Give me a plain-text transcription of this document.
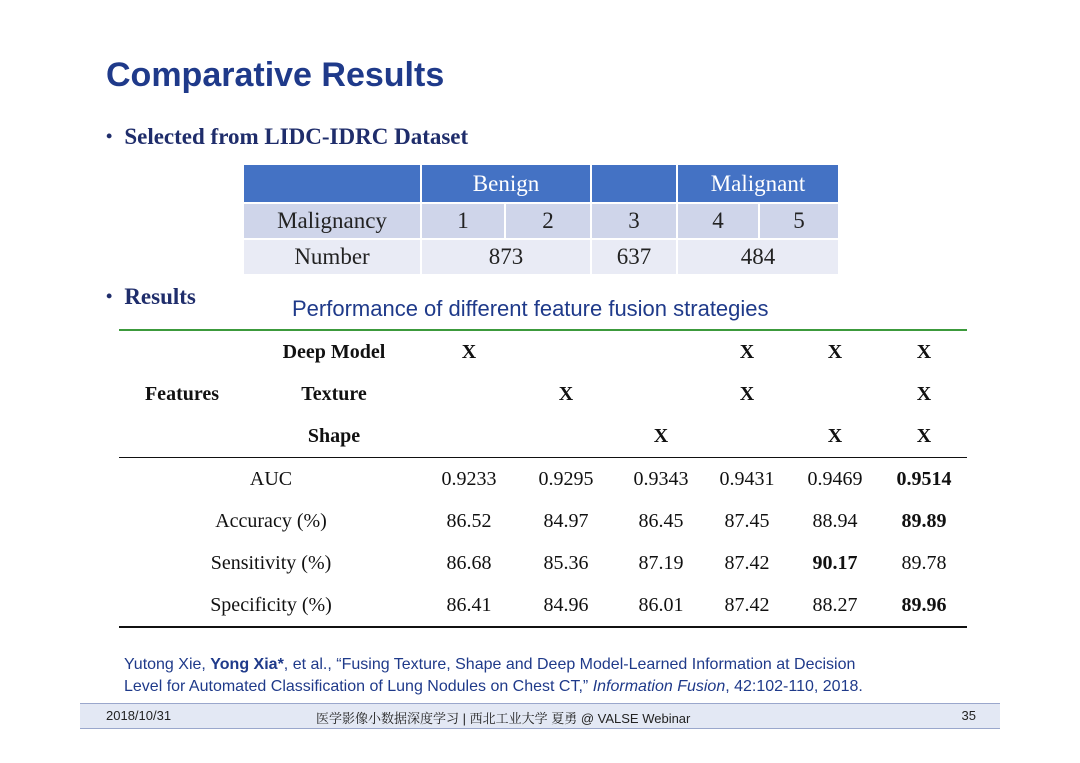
Comparative Results
• Selected from LIDC-IDRC Dataset
	Benign			Malignant	
Malignancy	1	2	3	4	5
Number	873		637	484	
• Results	Performance of different feature fusion strategies
Features	Deep Model	X			X	X	X
	Texture		X		X		X
	Shape			X		X	X
AUC		0.9233	0.9295	0.9343	0.9431	0.9469	0.9514
Accuracy (%)		86.52	84.97	86.45	87.45	88.94	89.89
Sensitivity (%)		86.68	85.36	87.19	87.42	90.17	89.78
Specificity (%)		86.41	84.96	86.01	87.42	88.27	89.96
Yutong Xie, Yong Xia*, et al., “Fusing Texture, Shape and Deep Model-Learned Information at Decision
Level for Automated Classification of Lung Nodules on Chest CT,” Information Fusion, 42:102-110, 2018.
2018/10/31	医学影像小数据深度学习 | 西北工业大学 夏勇 @ VALSE Webinar	35
